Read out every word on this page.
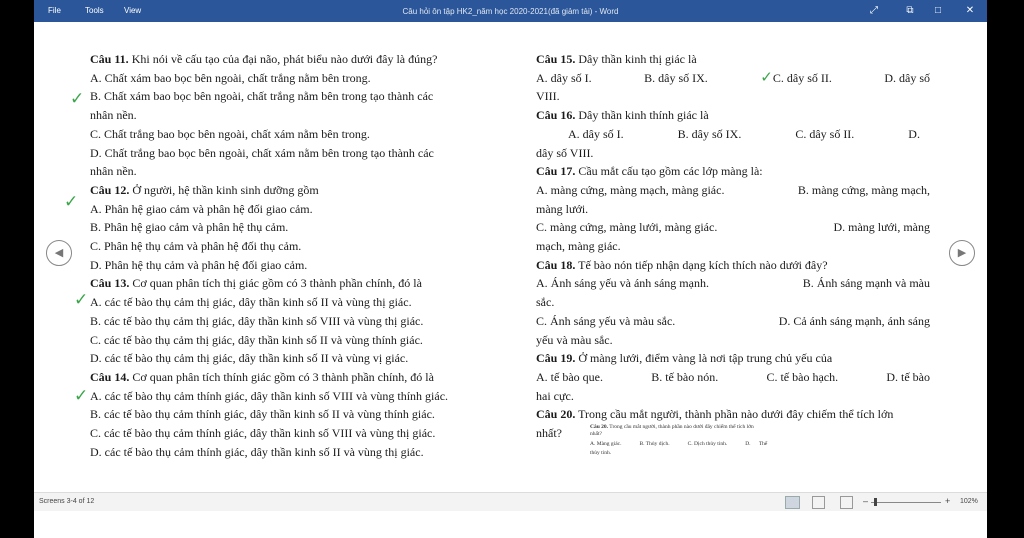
File	Tools	View	Câu hỏi ôn tập HK2_năm học 2020-2021(đã giảm tải) - Word	⤢	⧉	□	✕
◀	▶

Câu 11. Khi nói về cấu tạo của đại não, phát biểu nào dưới đây là đúng?

A. Chất xám bao bọc bên ngoài, chất trắng nằm bên trong.

B. Chất xám bao bọc bên ngoài, chất trắng nằm bên trong tạo thành các

nhân nền.

C. Chất trắng bao bọc bên ngoài, chất xám nằm bên trong.

D. Chất trắng bao bọc bên ngoài, chất xám nằm bên trong tạo thành các

nhân nền.

Câu 12. Ở người, hệ thần kinh sinh dưỡng gồm

A. Phân hệ giao cảm và phân hệ đối giao cảm.

B. Phân hệ giao cảm và phân hệ thụ cảm.

C. Phân hệ thụ cảm và phân hệ đối thụ cảm.

D. Phân hệ thụ cảm và phân hệ đối giao cảm.

Câu 13. Cơ quan phân tích thị giác gồm có 3 thành phần chính, đó là

A. các tế bào thụ cảm thị giác, dây thần kinh số II và vùng thị giác.

B. các tế bào thụ cảm thị giác, dây thần kinh số VIII và vùng thị giác.

C. các tế bào thụ cảm thị giác, dây thần kinh số II và vùng thính giác.

D. các tế bào thụ cảm thị giác, dây thần kinh số II và vùng vị giác.

Câu 14. Cơ quan phân tích thính giác gồm có 3 thành phần chính, đó là

A. các tế bào thụ cảm thính giác, dây thần kinh số VIII và vùng thính giác.

B. các tế bào thụ cảm thính giác, dây thần kinh số II và vùng thính giác.

C. các tế bào thụ cảm thính giác, dây thần kinh số VIII và vùng thị giác.

D. các tế bào thụ cảm thính giác, dây thần kinh số II và vùng thị giác.

✓
✓
✓
✓

Câu 15. Dây thần kinh thị giác là

A. dây số I.	B. dây số IX.	✓C. dây số II.	D. dây số

VIII.

Câu 16. Dây thần kinh thính giác là

A. dây số I.	B. dây số IX.	C. dây số II.	D.

dây số VIII.

Câu 17. Cầu mắt cấu tạo gồm các lớp màng là:

A. màng cứng, màng mạch, màng giác.	B. màng cứng, màng mạch,

màng lưới.

C. màng cứng, màng lưới, màng giác.	D. màng lưới, màng

mạch, màng giác.

Câu 18. Tế bào nón tiếp nhận dạng kích thích nào dưới đây?

A. Ánh sáng yếu và ánh sáng mạnh.	B. Ánh sáng mạnh và màu

sắc.

C. Ánh sáng yếu và màu sắc.	D. Cả ánh sáng mạnh, ánh sáng

yếu và màu sắc.

Câu 19. Ở màng lưới, điểm vàng là nơi tập trung chủ yếu của

A. tế bào que.	B. tế bào nón.	C. tế bào hạch.	D. tế bào

hai cực.

Câu 20. Trong cầu mắt người, thành phần nào dưới đây chiếm thể tích lớn

nhất?	Câu 20. Trong cầu mắt người, thành phần nào dưới đây chiếm thể tích lớn
nhất?
A. Màng giác.	B. Thủy dịch.	C. Dịch thủy tinh.	D. Thể
thủy tinh.
Screens 3-4 of 12	–	+ 102%
